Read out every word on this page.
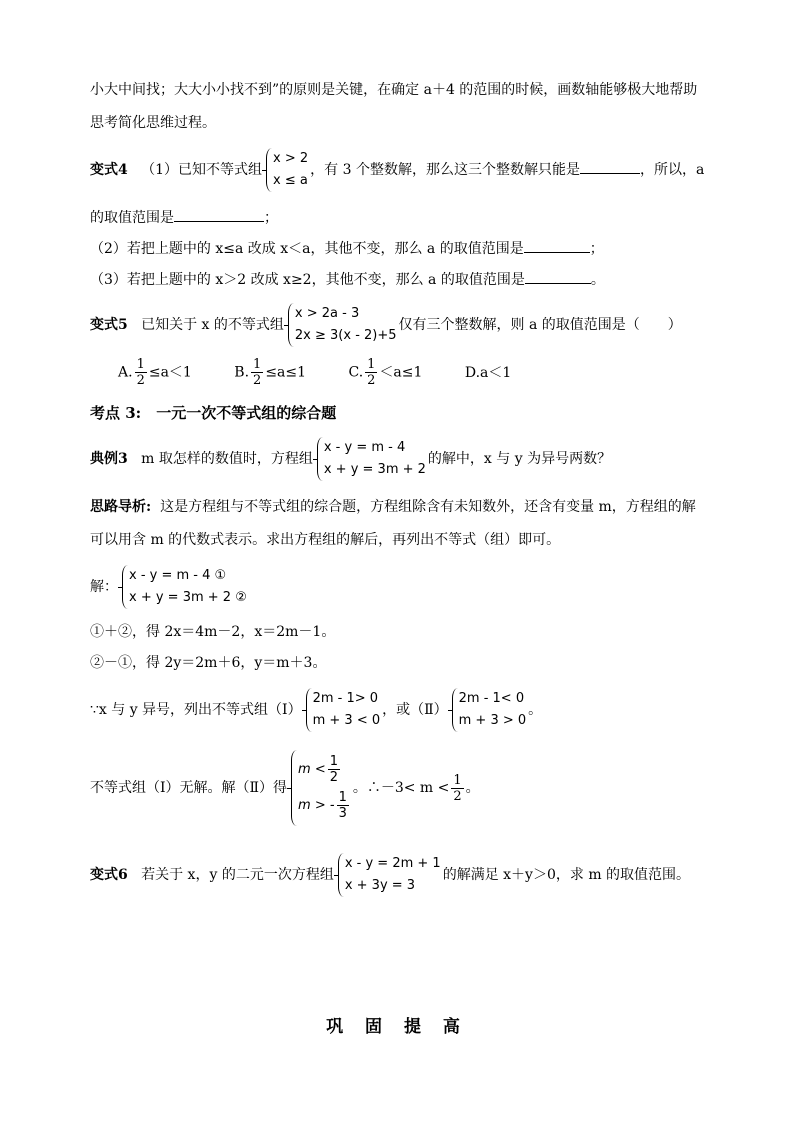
小大中间找；大大小小找不到”的原则是关键，在确定 a＋4 的范围的时候，画数轴能够极大地帮助
思考简化思维过程。
变式4 （1）已知不等式组
x > 2
x ≤ a
，有 3 个整数解，那么这三个整数解只能是	，所以，a
的取值范围是	；
（2）若把上题中的 x≤a 改成 x＜a，其他不变，那么 a 的取值范围是	；
（3）若把上题中的 x＞2 改成 x≥2，其他不变，那么 a 的取值范围是	。
变式5 已知关于 x 的不等式组
x > 2a - 3
2x ≥ 3(x - 2)+5
仅有三个整数解，则 a 的取值范围是（　　）
A. $\frac{1}{2} \le a<1$	B. $\frac{1}{2} \le a\le 1$	C. $\frac{1}{2} <a\le 1$	D.a＜1
考点 3:　一元一次不等式组的综合题
典例3 m 取怎样的数值时，方程组
x - y = m - 4
x + y = 3m + 2
的解中，x 与 y 为异号两数？
思路导析: 这是方程组与不等式组的综合题，方程组除含有未知数外，还含有变量 m，方程组的解
可以用含 m 的代数式表示。求出方程组的解后，再列出不等式（组）即可。
解：
x - y = m - 4 ①
x + y = 3m + 2 ②
①＋②，得 2x＝4m－2，x＝2m－1。
②－①，得 2y＝2m＋6，y＝m＋3。
∵x 与 y 异号，列出不等式组（Ⅰ）
2m - 1> 0
m + 3 < 0
，或（Ⅱ）
2m - 1< 0
m + 3 > 0
。
不等式组（Ⅰ）无解。解（Ⅱ）得
$m < \frac{1}{2}$
m > - $\frac{1}{3}$
。∴－3< $m < \frac{1}{2}$ 。
变式6 若关于 x，y 的二元一次方程组
x - y = 2m + 1
x + 3y = 3
的解满足 x＋y＞0，求 m 的取值范围。
巩 固 提 高
